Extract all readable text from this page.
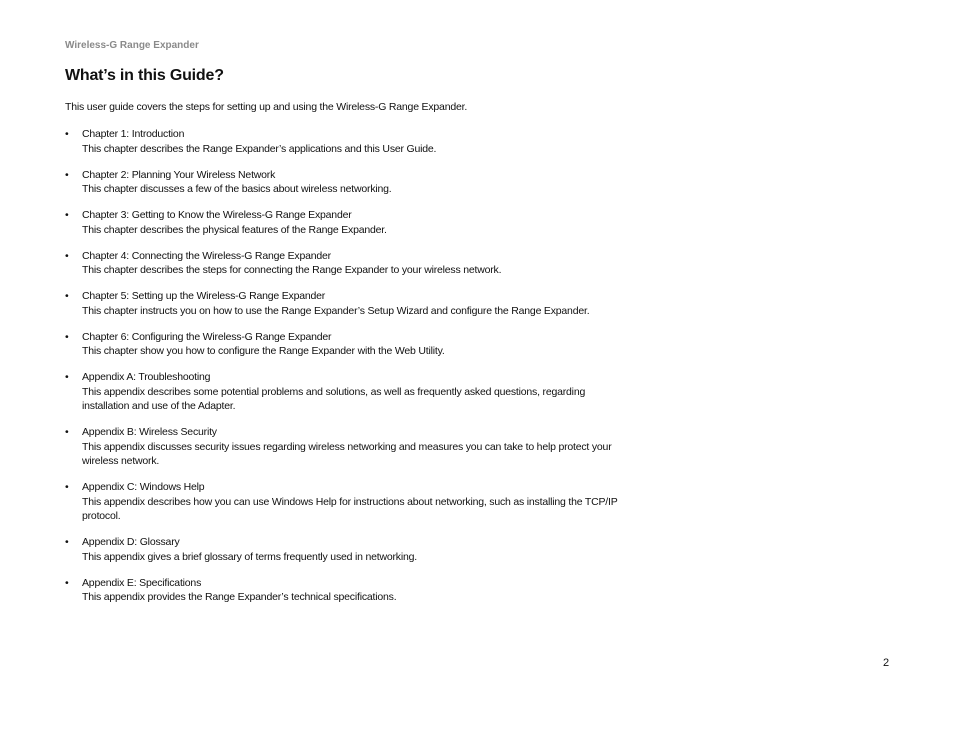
Wireless-G Range Expander
What’s in this Guide?

This user guide covers the steps for setting up and using the Wireless-G Range Expander.

• Chapter 1: Introduction
This chapter describes the Range Expander’s applications and this User Guide.
• Chapter 2: Planning Your Wireless Network
This chapter discusses a few of the basics about wireless networking.
• Chapter 3: Getting to Know the Wireless-G Range Expander
This chapter describes the physical features of the Range Expander.
• Chapter 4: Connecting the Wireless-G Range Expander
This chapter describes the steps for connecting the Range Expander to your wireless network.
• Chapter 5: Setting up the Wireless-G Range Expander
This chapter instructs you on how to use the Range Expander’s Setup Wizard and configure the Range Expander.
• Chapter 6: Configuring the Wireless-G Range Expander
This chapter show you how to configure the Range Expander with the Web Utility.
• Appendix A: Troubleshooting
This appendix describes some potential problems and solutions, as well as frequently asked questions, regarding installation and use of the Adapter.
• Appendix B: Wireless Security
This appendix discusses security issues regarding wireless networking and measures you can take to help protect your wireless network.
• Appendix C: Windows Help
This appendix describes how you can use Windows Help for instructions about networking, such as installing the TCP/IP protocol.
• Appendix D: Glossary
This appendix gives a brief glossary of terms frequently used in networking.
• Appendix E: Specifications
This appendix provides the Range Expander’s technical specifications.
2
